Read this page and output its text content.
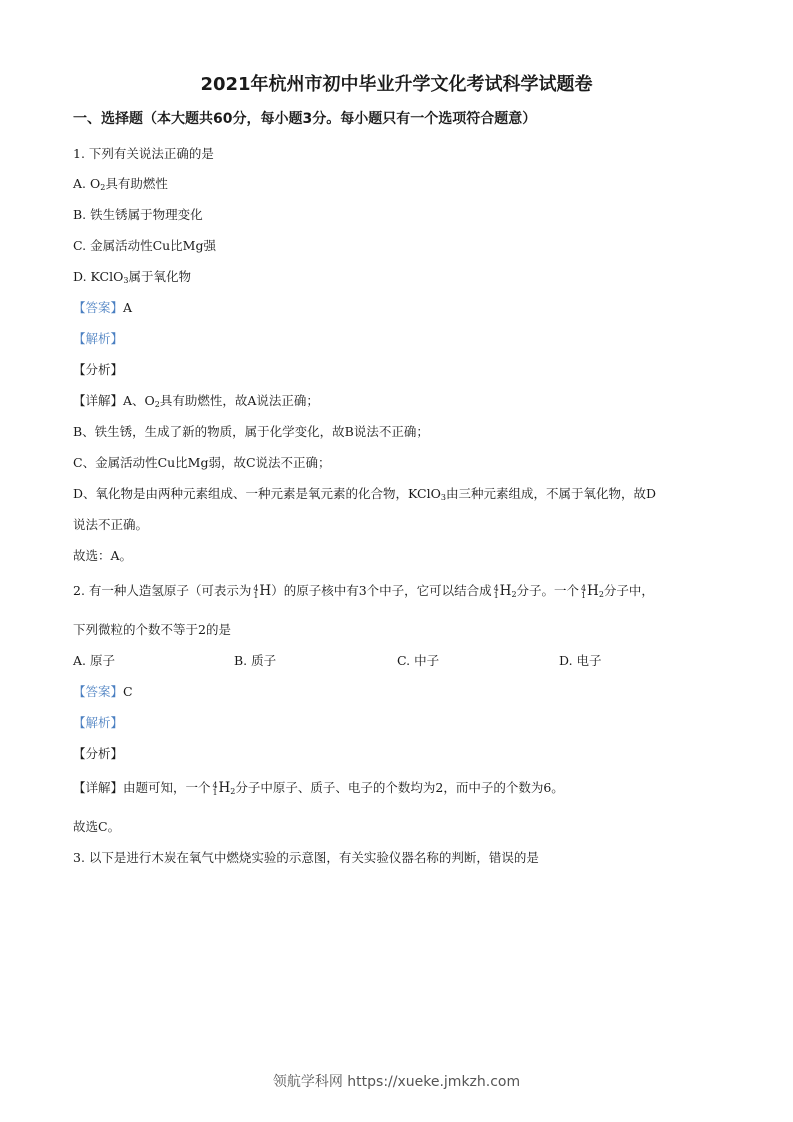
2021年杭州市初中毕业升学文化考试科学试题卷
一、选择题（本大题共60分，每小题3分。每小题只有一个选项符合题意）
1. 下列有关说法正确的是
A. $O_2$具有助燃性
B. 铁生锈属于物理变化
C. 金属活动性Cu比Mg强
D. KClO$_3$属于氧化物
【答案】A
【解析】
【分析】
【详解】A、$O_2$具有助燃性，故A说法正确；
B、铁生锈，生成了新的物质，属于化学变化，故B说法不正确；
C、金属活动性Cu比Mg弱，故C说法不正确；
D、氧化物是由两种元素组成、一种元素是氧元素的化合物，KClO$_3$由三种元素组成，不属于氧化物，故D
说法不正确。
故选：A。
2. 有一种人造氢原子（可表示为 4
1 H）的原子核中有3个中子，它可以结合成 4
1 $H_2$分子。一个 4
1 $H_2$分子中，
下列微粒的个数不等于2的是
A. 原子	B. 质子	C. 中子	D. 电子
【答案】C
【解析】
【分析】
【详解】由题可知，一个 4
1 $H_2$分子中原子、质子、电子的个数均为2，而中子的个数为6。
故选C。
3. 以下是进行木炭在氧气中燃烧实验的示意图，有关实验仪器名称的判断，错误的是
领航学科网 https://xueke.jmkzh.com
